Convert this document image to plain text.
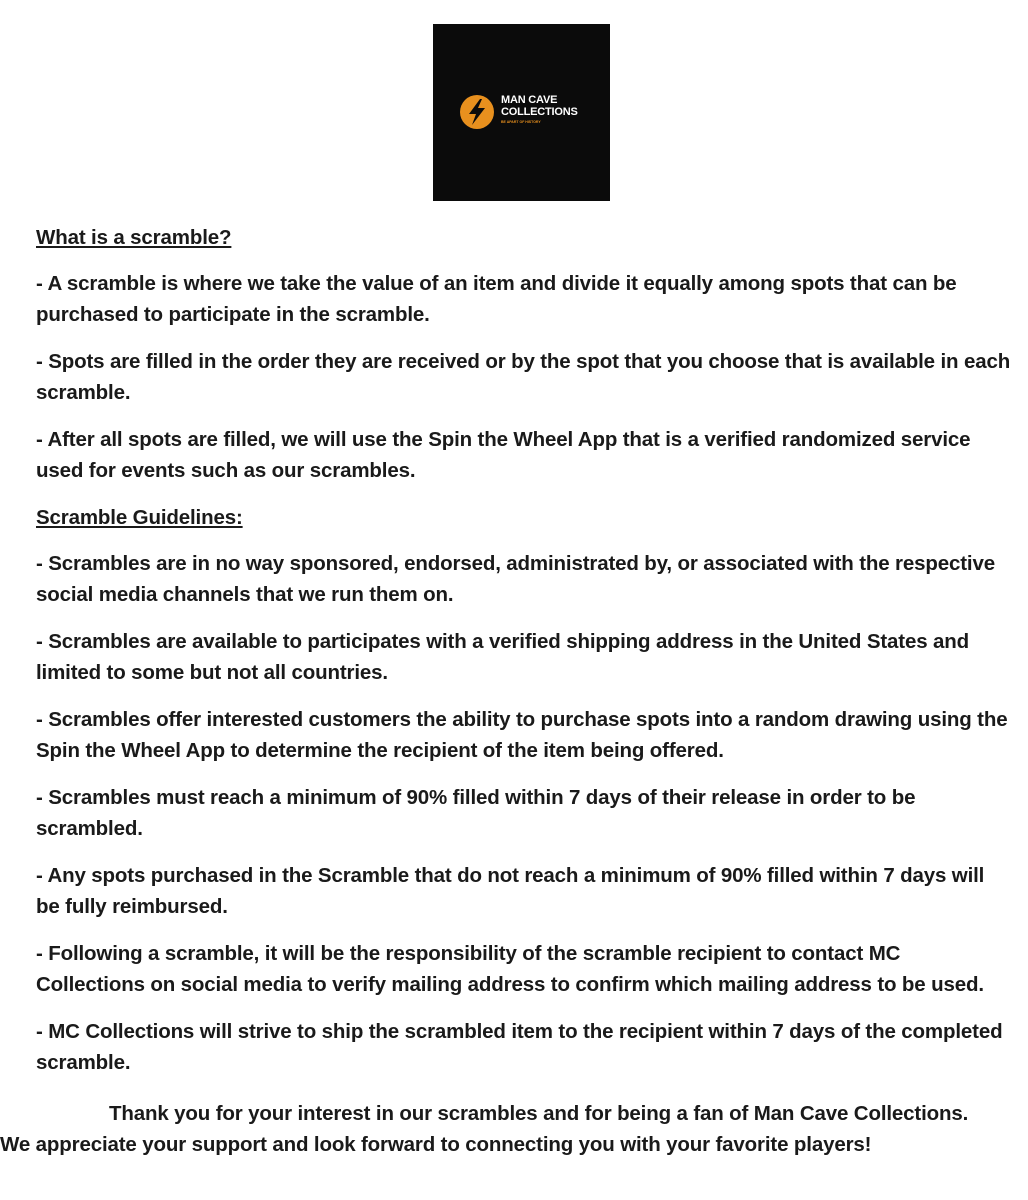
MAN CAVE
COLLECTIONS
BE APART OF HISTORY
What is a scramble?
- A scramble is where we take the value of an item and divide it equally among spots that can be purchased to participate in the scramble.
- Spots are filled in the order they are received or by the spot that you choose that is available in each scramble.
- After all spots are filled, we will use the Spin the Wheel App that is a verified randomized service used for events such as our scrambles.
Scramble Guidelines:
- Scrambles are in no way sponsored, endorsed, administrated by, or associated with the respective social media channels that we run them on.
- Scrambles are available to participates with a verified shipping address in the United States and limited to some but not all countries.
- Scrambles offer interested customers the ability to purchase spots into a random drawing using the Spin the Wheel App to determine the recipient of the item being offered.
- Scrambles must reach a minimum of 90% filled within 7 days of their release in order to be scrambled.
- Any spots purchased in the Scramble that do not reach a minimum of 90% filled within 7 days will be fully reimbursed.
- Following a scramble, it will be the responsibility of the scramble recipient to contact MC Collections on social media to verify mailing address to confirm which mailing address to be used.
- MC Collections will strive to ship the scrambled item to the recipient within 7 days of the completed scramble.
Thank you for your interest in our scrambles and for being a fan of Man Cave Collections. We appreciate your support and look forward to connecting you with your favorite players!
